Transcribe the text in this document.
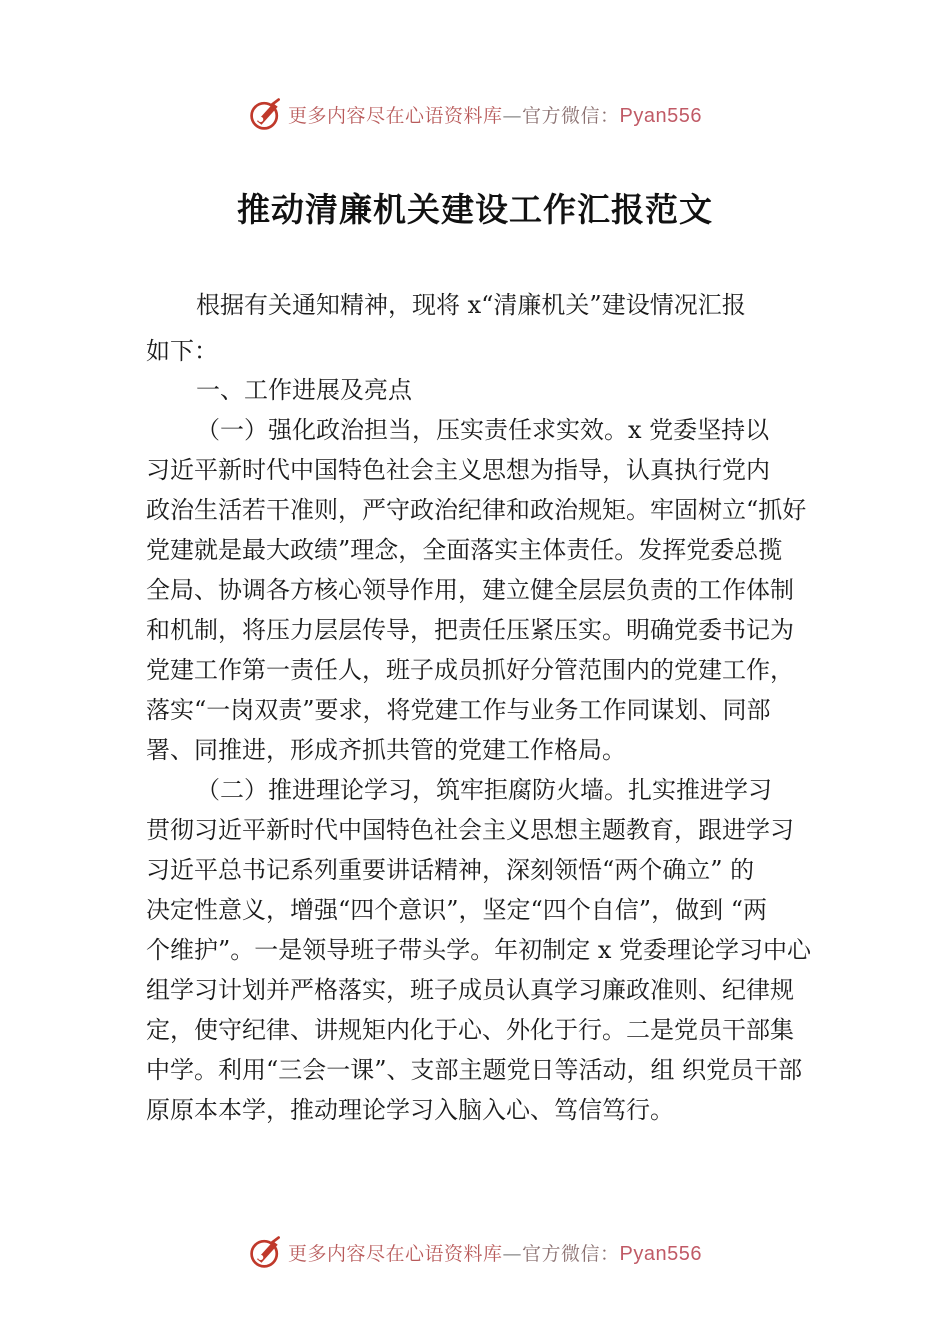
更多内容尽在心语资料库—官方微信：Pyan556
推动清廉机关建设工作汇报范文
根据有关通知精神，现将 x“清廉机关”建设情况汇报
如下：
一、工作进展及亮点
（一）强化政治担当，压实责任求实效。x 党委坚持以
习近平新时代中国特色社会主义思想为指导，认真执行党内
政治生活若干准则，严守政治纪律和政治规矩。牢固树立“抓好
党建就是最大政绩”理念，全面落实主体责任。发挥党委总揽
全局、协调各方核心领导作用，建立健全层层负责的工作体制
和机制，将压力层层传导，把责任压紧压实。明确党委书记为
党建工作第一责任人，班子成员抓好分管范围内的党建工作，
落实“一岗双责”要求，将党建工作与业务工作同谋划、同部
署、同推进，形成齐抓共管的党建工作格局。
（二）推进理论学习，筑牢拒腐防火墙。扎实推进学习
贯彻习近平新时代中国特色社会主义思想主题教育，跟进学习
习近平总书记系列重要讲话精神，深刻领悟“两个确立” 的
决定性意义，增强“四个意识”，坚定“四个自信”，做到 “两
个维护”。一是领导班子带头学。年初制定 x 党委理论学习中心
组学习计划并严格落实，班子成员认真学习廉政准则、纪律规
定，使守纪律、讲规矩内化于心、外化于行。二是党员干部集
中学。利用“三会一课”、支部主题党日等活动，组 织党员干部
原原本本学，推动理论学习入脑入心、笃信笃行。
更多内容尽在心语资料库—官方微信：Pyan556
